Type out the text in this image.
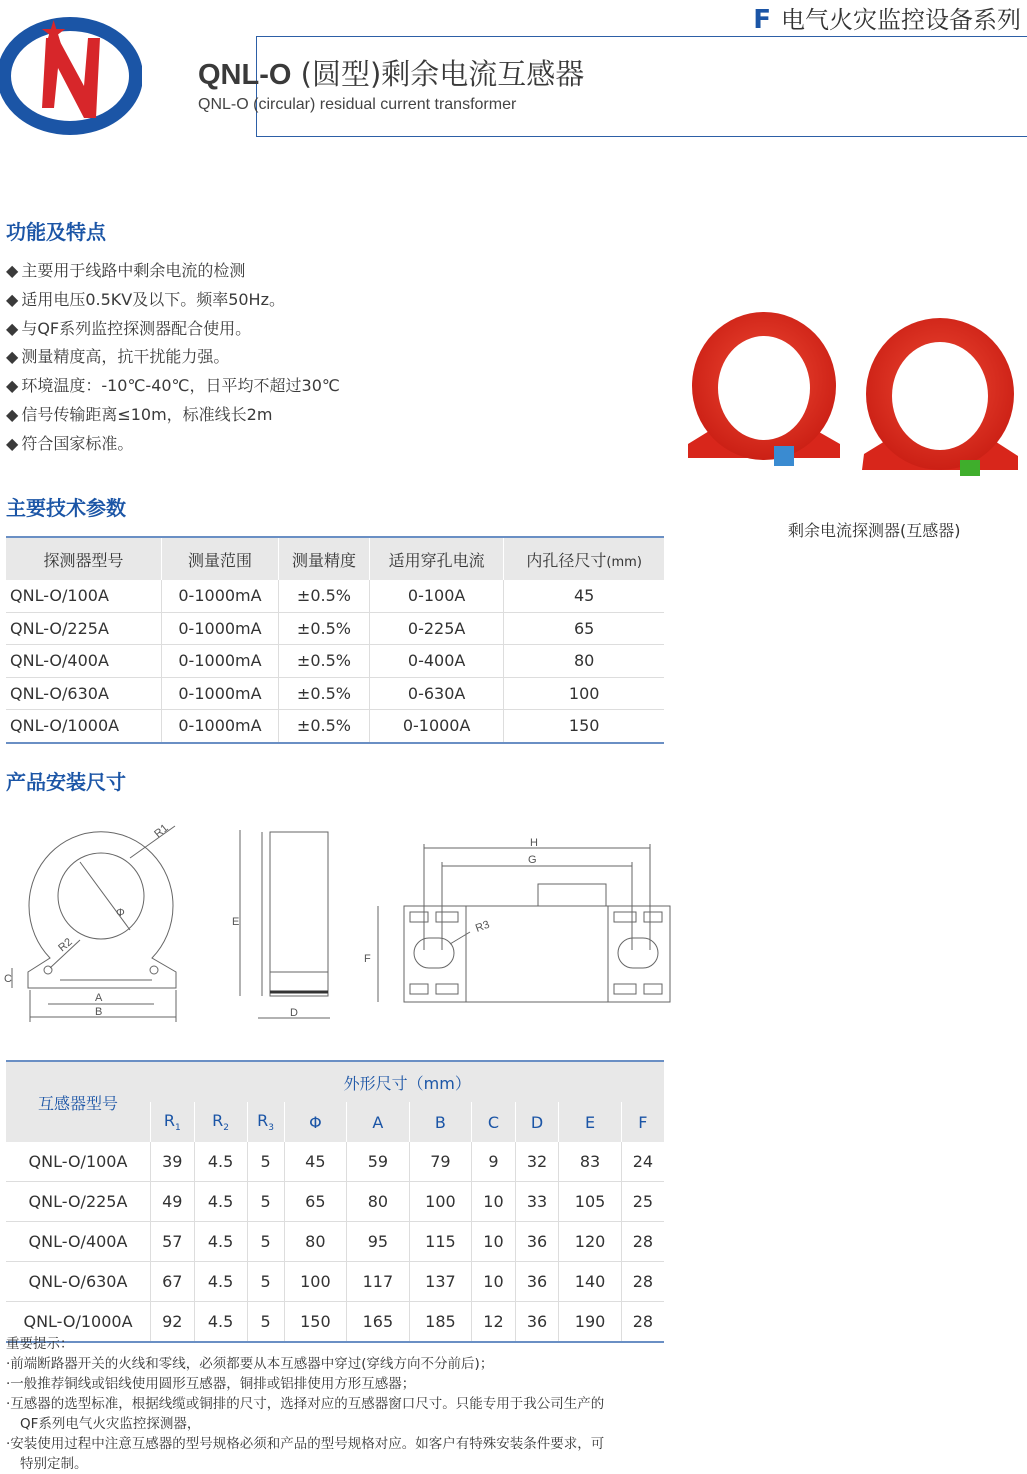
N	F 电气火灾监控设备系列
QNL-O (圆型)剩余电流互感器
QNL-O (circular) residual current transformer
功能及特点
◆ 主要用于线路中剩余电流的检测
◆ 适用电压0.5KV及以下。频率50Hz。
◆ 与QF系列监控探测器配合使用。
◆ 测量精度高，抗干扰能力强。
◆ 环境温度：-10℃-40℃，日平均不超过30℃
◆ 信号传输距离≤10m，标准线长2m
◆ 符合国家标准。
剩余电流探测器(互感器)
主要技术参数
探测器型号	测量范围	测量精度	适用穿孔电流	内孔径尺寸(mm)
QNL-O/100A	0-1000mA	±0.5%	0-100A	45
QNL-O/225A	0-1000mA	±0.5%	0-225A	65
QNL-O/400A	0-1000mA	±0.5%	0-400A	80
QNL-O/630A	0-1000mA	±0.5%	0-630A	100
QNL-O/1000A	0-1000mA	±0.5%	0-1000A	150
产品安装尺寸
R1
Φ
R2
C
A
B
E
D
H
G
R3
F
互感器型号	外形尺寸（mm）									
	$R_1$	$R_2$	$R_3$	Φ	A	B	C	D	E	F
QNL-O/100A	39	4.5	5	45	59	79	9	32	83	24
QNL-O/225A	49	4.5	5	65	80	100	10	33	105	25
QNL-O/400A	57	4.5	5	80	95	115	10	36	120	28
QNL-O/630A	67	4.5	5	100	117	137	10	36	140	28
QNL-O/1000A	92	4.5	5	150	165	185	12	36	190	28

重要提示：

·前端断路器开关的火线和零线，必须都要从本互感器中穿过(穿线方向不分前后)；

·一般推荐铜线或铝线使用圆形互感器，铜排或铝排使用方形互感器；

·互感器的选型标准，根据线缆或铜排的尺寸，选择对应的互感器窗口尺寸。只能专用于我公司生产的

QF系列电气火灾监控探测器，

·安装使用过程中注意互感器的型号规格必须和产品的型号规格对应。如客户有特殊安装条件要求，可

特别定制。
